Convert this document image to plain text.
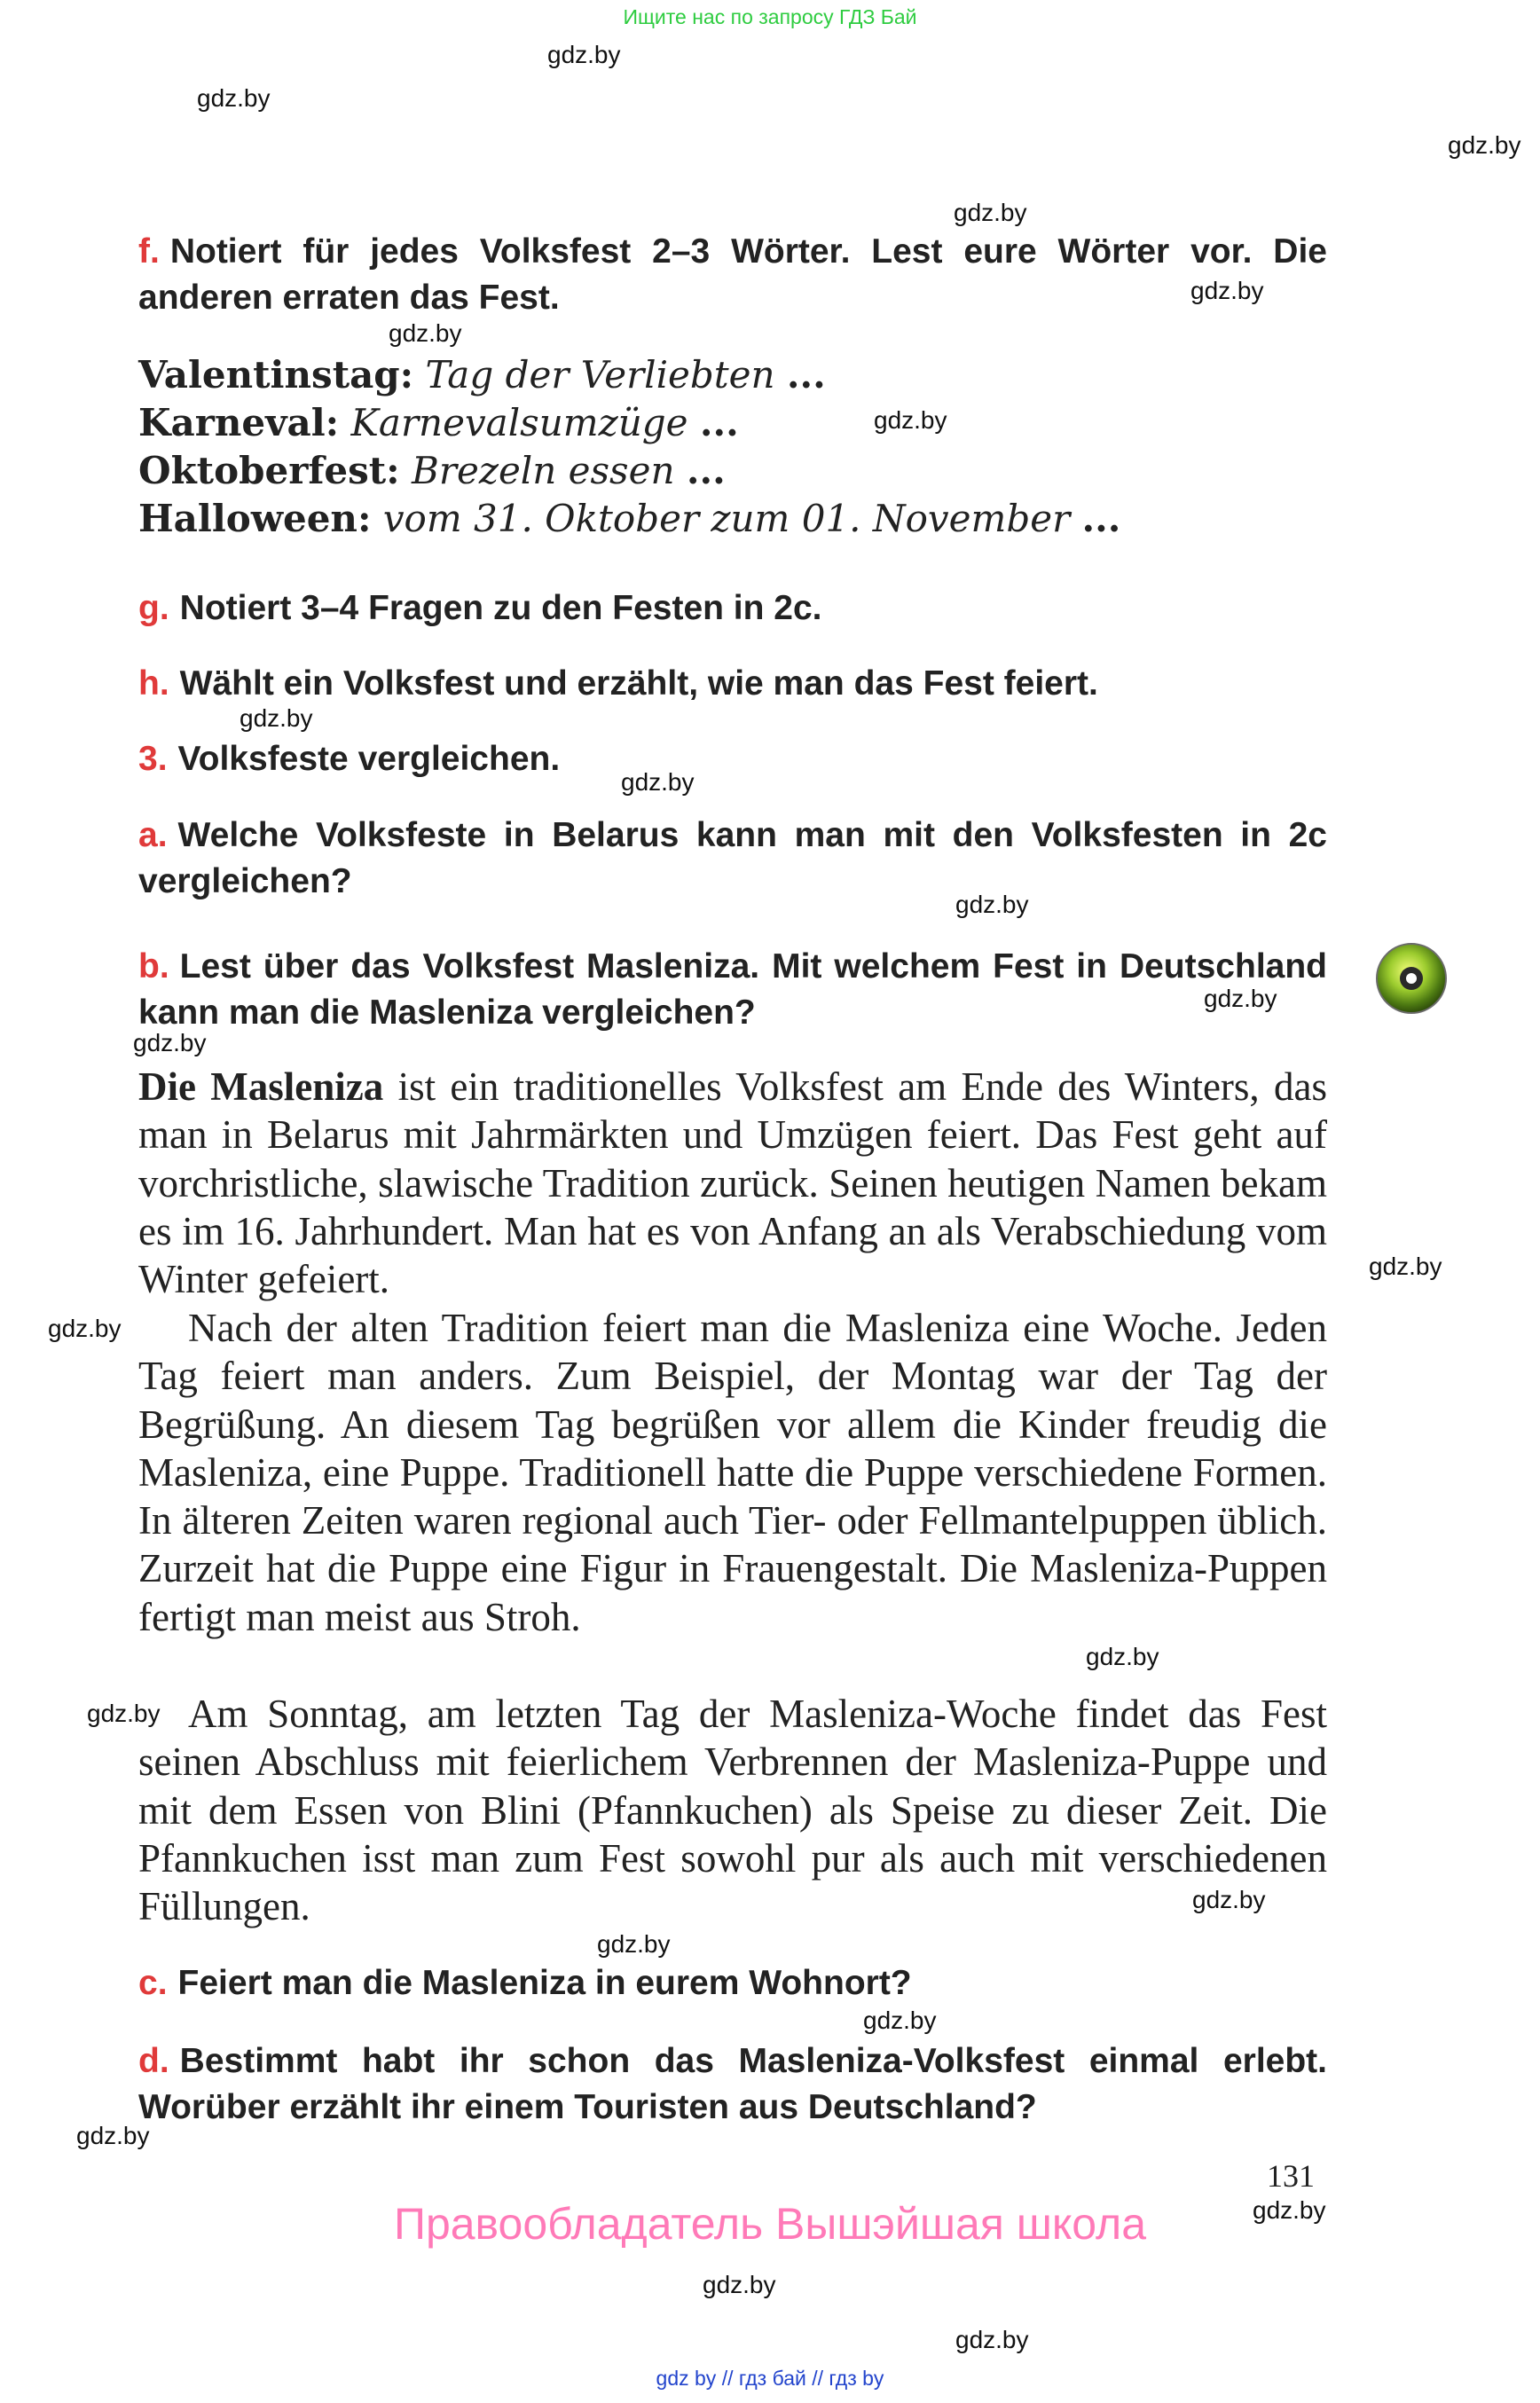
Ищите нас по запросу ГДЗ Бай
gdz.by
gdz.by
gdz.by
gdz.by
gdz.by
gdz.by
gdz.by
gdz.by
gdz.by
gdz.by
gdz.by
gdz.by
gdz.by
gdz.by
gdz.by
gdz.by
gdz.by
gdz.by
gdz.by
gdz.by
gdz.by
gdz.by
gdz.by
f. Notiert für jedes Volksfest 2–3 Wörter. Lest eure Wörter vor. Die anderen erraten das Fest.
Valentinstag: Tag der Verliebten ...
Karneval: Karnevalsumzüge ...
Oktoberfest: Brezeln essen ...
Halloween: vom 31. Oktober zum 01. November ...
g. Notiert 3–4 Fragen zu den Festen in 2c.
h. Wählt ein Volksfest und erzählt, wie man das Fest feiert.
3. Volksfeste vergleichen.
a. Welche Volksfeste in Belarus kann man mit den Volksfesten in 2c vergleichen?
b. Lest über das Volksfest Masleniza. Mit welchem Fest in Deutschland kann man die Masleniza vergleichen?
Die Masleniza ist ein traditionelles Volksfest am Ende des Winters, das man in Belarus mit Jahrmärkten und Umzügen feiert. Das Fest geht auf vorchristliche, slawische Tradition zurück. Seinen heutigen Namen bekam es im 16. Jahrhundert. Man hat es von Anfang an als Verabschiedung vom Winter gefeiert.
Nach der alten Tradition feiert man die Masleniza eine Woche. Jeden Tag feiert man anders. Zum Beispiel, der Montag war der Tag der Begrüßung. An diesem Tag begrüßen vor allem die Kinder freudig die Masleniza, eine Puppe. Traditionell hatte die Puppe verschiedene Formen. In älteren Zeiten waren regional auch Tier- oder Fellmantelpuppen üblich. Zurzeit hat die Puppe eine Figur in Frauengestalt. Die Masleniza-Puppen fertigt man meist aus Stroh.
Am Sonntag, am letzten Tag der Masleniza-Woche findet das Fest seinen Abschluss mit feierlichem Verbrennen der Masleniza-Puppe und mit dem Essen von Blini (Pfannkuchen) als Speise zu dieser Zeit. Die Pfannkuchen isst man zum Fest sowohl pur als auch mit verschiedenen Füllungen.
c. Feiert man die Masleniza in eurem Wohnort?
d. Bestimmt habt ihr schon das Masleniza-Volksfest einmal erlebt. Worüber erzählt ihr einem Touristen aus Deutschland?
131
Правообладатель Вышэйшая школа
gdz by // гдз бай // гдз by
